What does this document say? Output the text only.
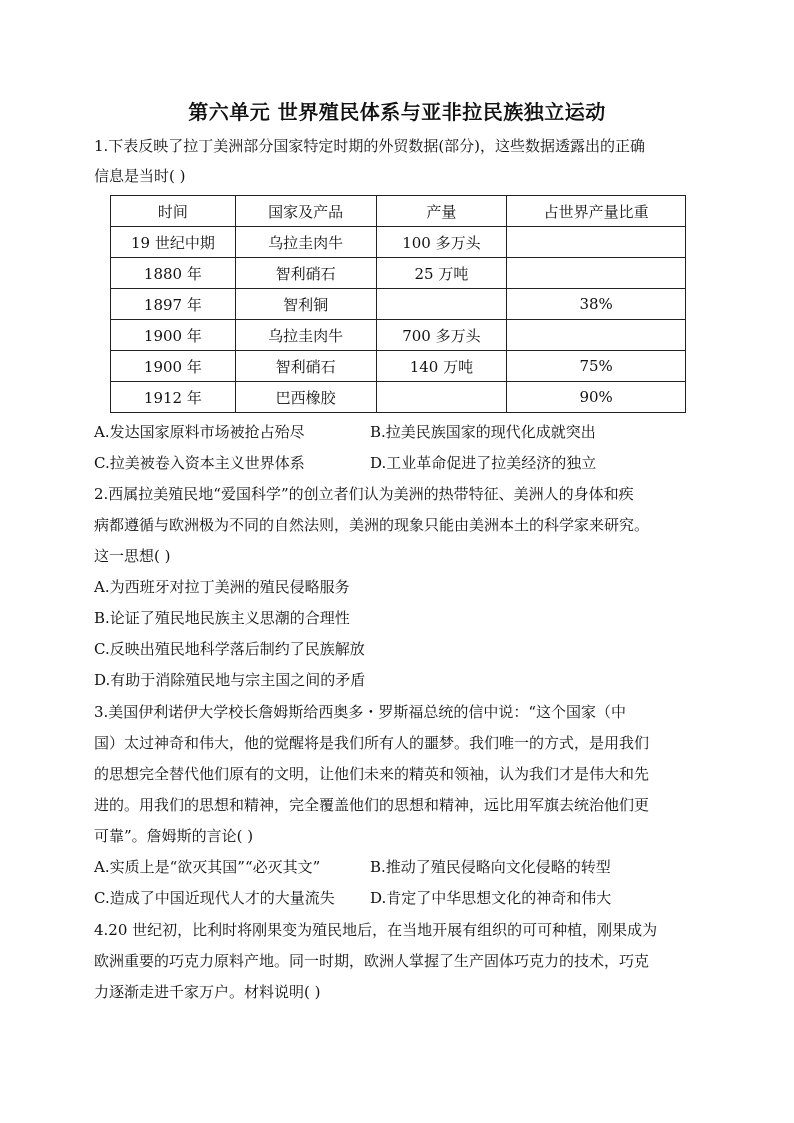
第六单元 世界殖民体系与亚非拉民族独立运动
1.下表反映了拉丁美洲部分国家特定时期的外贸数据(部分)，这些数据透露出的正确
信息是当时( )
时间	国家及产品	产量	占世界产量比重
19 世纪中期	乌拉圭肉牛	100 多万头	
1880 年	智利硝石	25 万吨	
1897 年	智利铜		38%
1900 年	乌拉圭肉牛	700 多万头	
1900 年	智利硝石	140 万吨	75%
1912 年	巴西橡胶		90%
A.发达国家原料市场被抢占殆尽	B.拉美民族国家的现代化成就突出
C.拉美被卷入资本主义世界体系	D.工业革命促进了拉美经济的独立
2.西属拉美殖民地“爱国科学”的创立者们认为美洲的热带特征、美洲人的身体和疾
病都遵循与欧洲极为不同的自然法则，美洲的现象只能由美洲本土的科学家来研究。
这一思想( )
A.为西班牙对拉丁美洲的殖民侵略服务
B.论证了殖民地民族主义思潮的合理性
C.反映出殖民地科学落后制约了民族解放
D.有助于消除殖民地与宗主国之间的矛盾
3.美国伊利诺伊大学校长詹姆斯给西奥多・罗斯福总统的信中说：“这个国家（中
国）太过神奇和伟大，他的觉醒将是我们所有人的噩梦。我们唯一的方式，是用我们
的思想完全替代他们原有的文明，让他们未来的精英和领袖，认为我们才是伟大和先
进的。用我们的思想和精神，完全覆盖他们的思想和精神，远比用军旗去统治他们更
可靠”。詹姆斯的言论( )
A.实质上是“欲灭其国”“必灭其文”	B.推动了殖民侵略向文化侵略的转型
C.造成了中国近现代人才的大量流失 D.肯定了中华思想文化的神奇和伟大
4.20 世纪初，比利时将刚果变为殖民地后，在当地开展有组织的可可种植，刚果成为
欧洲重要的巧克力原料产地。同一时期，欧洲人掌握了生产固体巧克力的技术，巧克
力逐渐走进千家万户。材料说明( )
